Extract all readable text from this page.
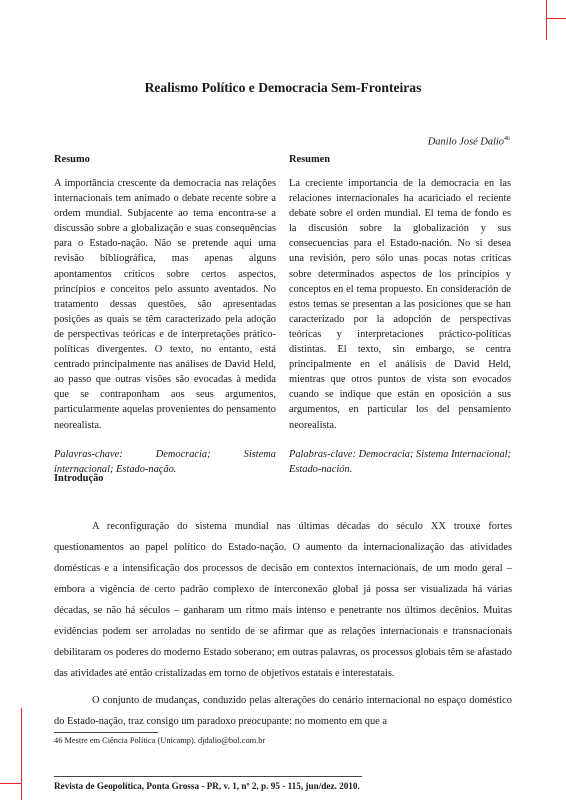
Realismo Político e Democracia Sem-Fronteiras
Danilo José Dalio$^{46}$
Resumo	Resumen
A importância crescente da democracia nas relações internacionais tem animado o debate recente sobre a ordem mundial. Subjacente ao tema encontra-se a discussão sobre a globalização e suas consequências para o Estado-nação. Não se pretende aqui uma revisão bibliográfica, mas apenas alguns apontamentos críticos sobre certos aspectos, princípios e conceitos pelo assunto aventados. No tratamento dessas questões, são apresentadas posições as quais se têm caracterizado pela adoção de perspectivas teóricas e de interpretações prático-políticas divergentes. O texto, no entanto, está centrado principalmente nas análises de David Held, ao passo que outras visões são evocadas à medida que se contraponham aos seus argumentos, particularmente aquelas provenientes do pensamento neorealista.
Palavras-chave: Democracia; Sistema internacional; Estado-nação.
La creciente importancia de la democracia en las relaciones internacionales ha acariciado el reciente debate sobre el orden mundial. El tema de fondo es la discusión sobre la globalización y sus consecuencias para el Estado-nación. No si desea una revisión, pero sólo unas pocas notas críticas sobre determinados aspectos de los principios y conceptos en el tema propuesto. En consideración de estos temas se presentan a las posiciones que se han caracterizado por la adopción de perspectivas teóricas y interpretaciones práctico-políticas distintas. El texto, sin embargo, se centra principalmente en el análisis de David Held, mientras que otros puntos de vista son evocados cuando se indique que están en oposición a sus argumentos, en particular los del pensamiento neorealista.
Palabras-clave: Democracia; Sistema Internacional; Estado-nación.
Introdução

A reconfiguração do sistema mundial nas últimas décadas do século XX trouxe fortes questionamentos ao papel político do Estado-nação. O aumento da internacionalização das atividades domésticas e a intensificação dos processos de decisão em contextos internacionais, de um modo geral – embora a vigência de certo padrão complexo de interconexão global já possa ser visualizada há várias décadas, se não há séculos – ganharam um ritmo mais intenso e penetrante nos últimos decênios. Muitas evidências podem ser arroladas no sentido de se afirmar que as relações internacionais e transnacionais debilitaram os poderes do moderno Estado soberano; em outras palavras, os processos globais têm se afastado das atividades até então cristalizadas em torno de objetivos estatais e interestatais.

O conjunto de mudanças, conduzido pelas alterações do cenário internacional no espaço doméstico do Estado-nação, traz consigo um paradoxo preocupante: no momento em que a

46 Mestre em Ciência Política (Unicamp). djdalio@bol.com.br
Revista de Geopolítica, Ponta Grossa - PR, v. 1, nº 2, p. 95 - 115, jun/dez. 2010.
